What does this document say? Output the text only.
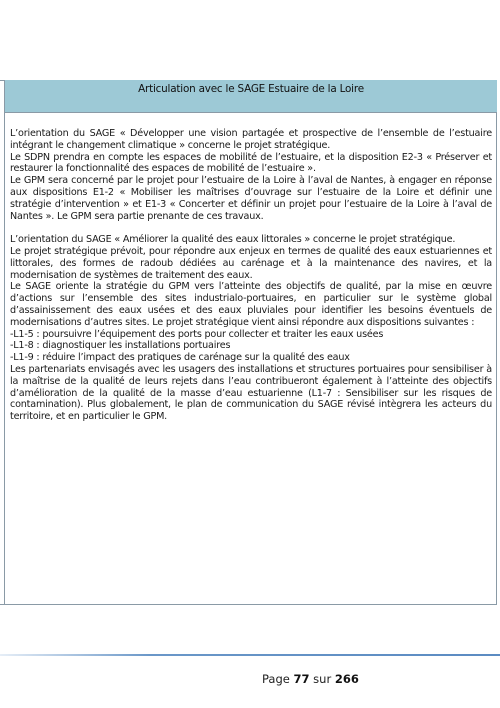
Articulation avec le SAGE Estuaire de la Loire

L’orientation du SAGE « Développer une vision partagée et prospective de l’ensemble de l’estuaire intégrant le changement climatique » concerne le projet stratégique.

Le SDPN prendra en compte les espaces de mobilité de l’estuaire, et la disposition E2-3 « Préserver et restaurer la fonctionnalité des espaces de mobilité de l’estuaire ».

Le GPM sera concerné par le projet pour l’estuaire de la Loire à l’aval de Nantes, à engager en réponse aux dispositions E1-2 « Mobiliser les maîtrises d’ouvrage sur l’estuaire de la Loire et définir une stratégie d’intervention » et E1-3 « Concerter et définir un projet pour l’estuaire de la Loire à l’aval de Nantes ». Le GPM sera partie prenante de ces travaux.

L’orientation du SAGE « Améliorer la qualité des eaux littorales » concerne le projet stratégique.

Le projet stratégique prévoit, pour répondre aux enjeux en termes de qualité des eaux estuariennes et littorales, des formes de radoub dédiées au carénage et à la maintenance des navires, et la modernisation de systèmes de traitement des eaux.

Le SAGE oriente la stratégie du GPM vers l’atteinte des objectifs de qualité, par la mise en œuvre d’actions sur l’ensemble des sites industrialo-portuaires, en particulier sur le système global d’assainissement des eaux usées et des eaux pluviales pour identifier les besoins éventuels de modernisations d’autres sites. Le projet stratégique vient ainsi répondre aux dispositions suivantes :

-L1-5 : poursuivre l’équipement des ports pour collecter et traiter les eaux usées

-L1-8 : diagnostiquer les installations portuaires

-L1-9 : réduire l’impact des pratiques de carénage sur la qualité des eaux

Les partenariats envisagés avec les usagers des installations et structures portuaires pour sensibiliser à la maîtrise de la qualité de leurs rejets dans l’eau contribueront également à l’atteinte des objectifs d’amélioration de la qualité de la masse d’eau estuarienne (L1-7 : Sensibiliser sur les risques de contamination). Plus globalement, le plan de communication du SAGE révisé intègrera les acteurs du territoire, et en particulier le GPM.

Page 77 sur 266
